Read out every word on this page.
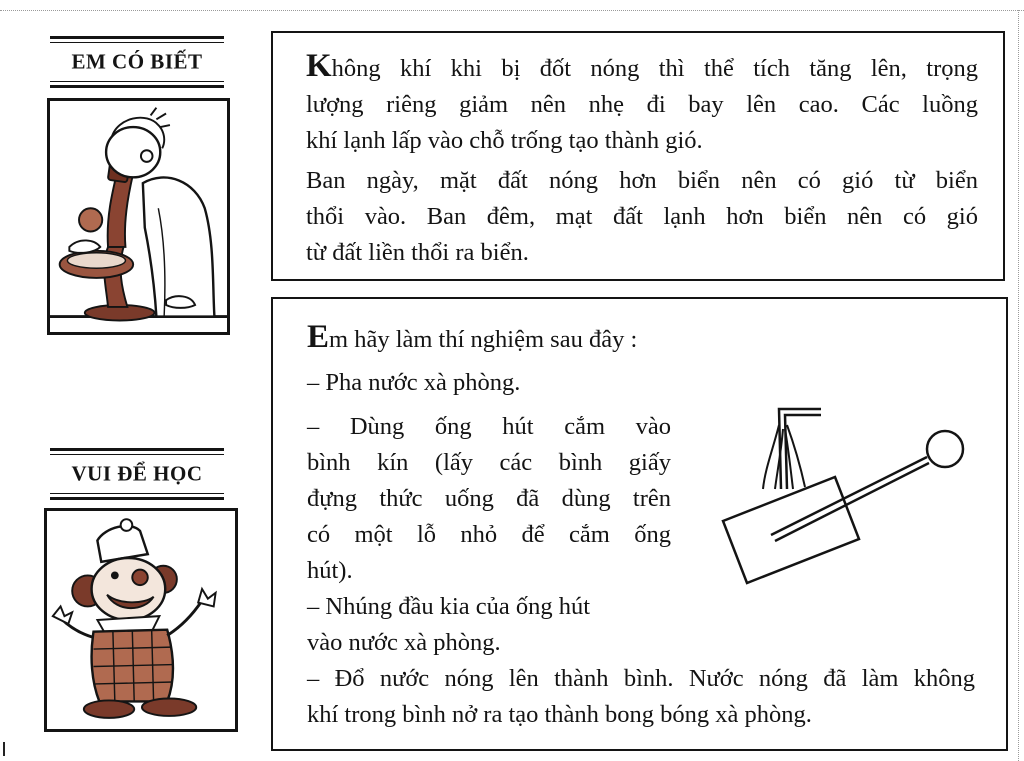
EM CÓ BIẾT
VUI ĐỂ HỌC
Không khí khi bị đốt nóng thì thể tích tăng lên, trọng
lượng riêng giảm nên nhẹ đi bay lên cao. Các luồng
khí lạnh lấp vào chỗ trống tạo thành gió.
Ban ngày, mặt đất nóng hơn biển nên có gió từ biển
thổi vào. Ban đêm, mạt đất lạnh hơn biển nên có gió
từ đất liền thổi ra biển.
Em hãy làm thí nghiệm sau đây :
– Pha nước xà phòng.
– Dùng ống hút cắm vào
bình kín (lấy các bình giấy
đựng thức uống đã dùng trên
có một lỗ nhỏ để cắm ống
hút).
– Nhúng đầu kia của ống hút
vào nước xà phòng.
– Đổ nước nóng lên thành bình. Nước nóng đã làm không
khí trong bình nở ra tạo thành bong bóng xà phòng.
